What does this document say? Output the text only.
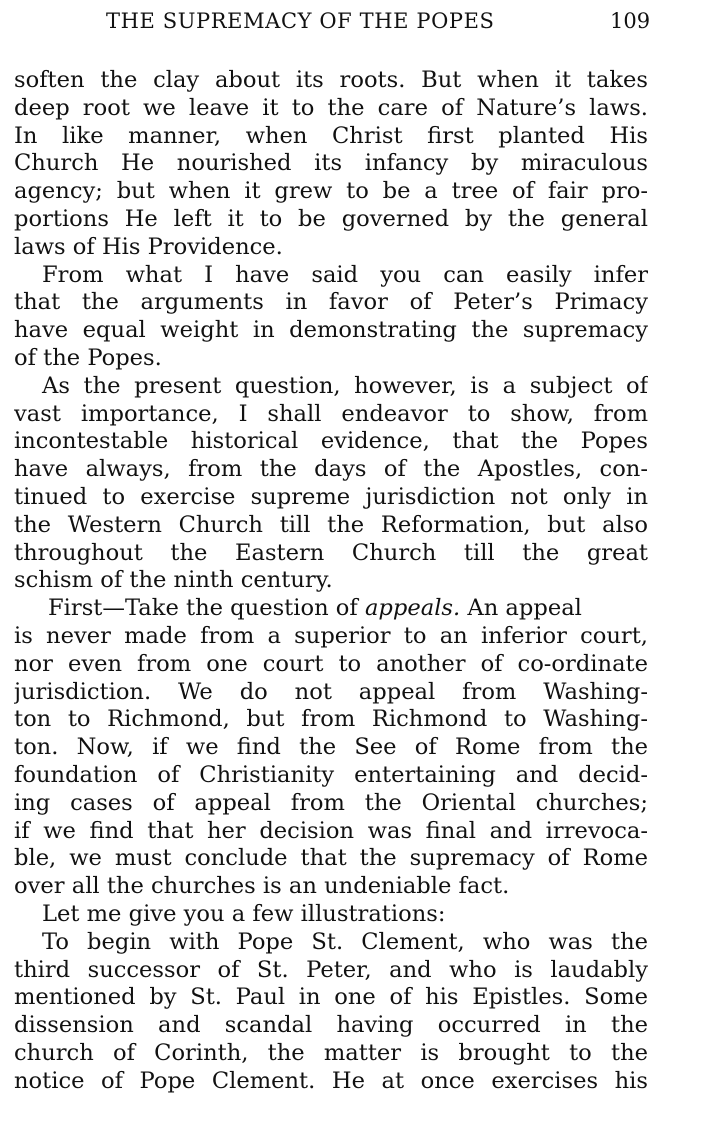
THE SUPREMACY OF THE POPES	109
soften the clay about its roots. But when it takes
deep root we leave it to the care of Nature’s laws.
In like manner, when Christ first planted His
Church He nourished its infancy by miraculous
agency; but when it grew to be a tree of fair pro-
portions He left it to be governed by the general
laws of His Providence.
From what I have said you can easily infer
that the arguments in favor of Peter’s Primacy
have equal weight in demonstrating the supremacy
of the Popes.
As the present question, however, is a subject of
vast importance, I shall endeavor to show, from
incontestable historical evidence, that the Popes
have always, from the days of the Apostles, con-
tinued to exercise supreme jurisdiction not only in
the Western Church till the Reformation, but also
throughout the Eastern Church till the great
schism of the ninth century.
First—Take the question of appeals. An appeal
is never made from a superior to an inferior court,
nor even from one court to another of co-ordinate
jurisdiction. We do not appeal from Washing-
ton to Richmond, but from Richmond to Washing-
ton. Now, if we find the See of Rome from the
foundation of Christianity entertaining and decid-
ing cases of appeal from the Oriental churches;
if we find that her decision was final and irrevoca-
ble, we must conclude that the supremacy of Rome
over all the churches is an undeniable fact.
Let me give you a few illustrations:
To begin with Pope St. Clement, who was the
third successor of St. Peter, and who is laudably
mentioned by St. Paul in one of his Epistles. Some
dissension and scandal having occurred in the
church of Corinth, the matter is brought to the
notice of Pope Clement. He at once exercises his
